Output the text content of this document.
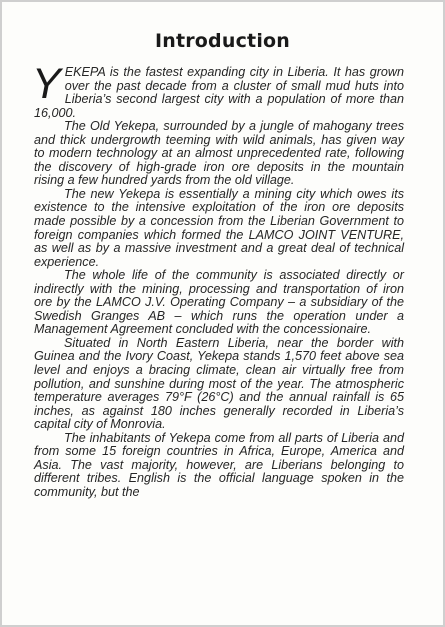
Introduction

YEKEPA is the fastest expanding city in Liberia. It has grown over the past decade from a cluster of small mud huts into Liberia’s second largest city with a population of more than 16,000.

The Old Yekepa, surrounded by a jungle of mahogany trees and thick undergrowth teeming with wild animals, has given way to modern technology at an almost unprecedented rate, following the discovery of high-grade iron ore deposits in the mountain rising a few hundred yards from the old village.

The new Yekepa is essentially a mining city which owes its existence to the intensive exploitation of the iron ore deposits made possible by a concession from the Liberian Government to foreign companies which formed the LAMCO JOINT VENTURE, as well as by a massive investment and a great deal of technical experience.

The whole life of the community is associated directly or indirectly with the mining, processing and transportation of iron ore by the LAMCO J.V. Operating Company – a subsidiary of the Swedish Granges AB – which runs the operation under a Management Agreement concluded with the concessionaire.

Situated in North Eastern Liberia, near the border with Guinea and the Ivory Coast, Yekepa stands 1,570 feet above sea level and enjoys a bracing climate, clean air virtually free from pollution, and sunshine during most of the year. The atmospheric temperature averages 79°F (26°C) and the annual rainfall is 65 inches, as against 180 inches generally recorded in Liberia’s capital city of Monrovia.

The inhabitants of Yekepa come from all parts of Liberia and from some 15 foreign countries in Africa, Europe, America and Asia. The vast majority, however, are Liberians belonging to different tribes. English is the official language spoken in the community, but the
